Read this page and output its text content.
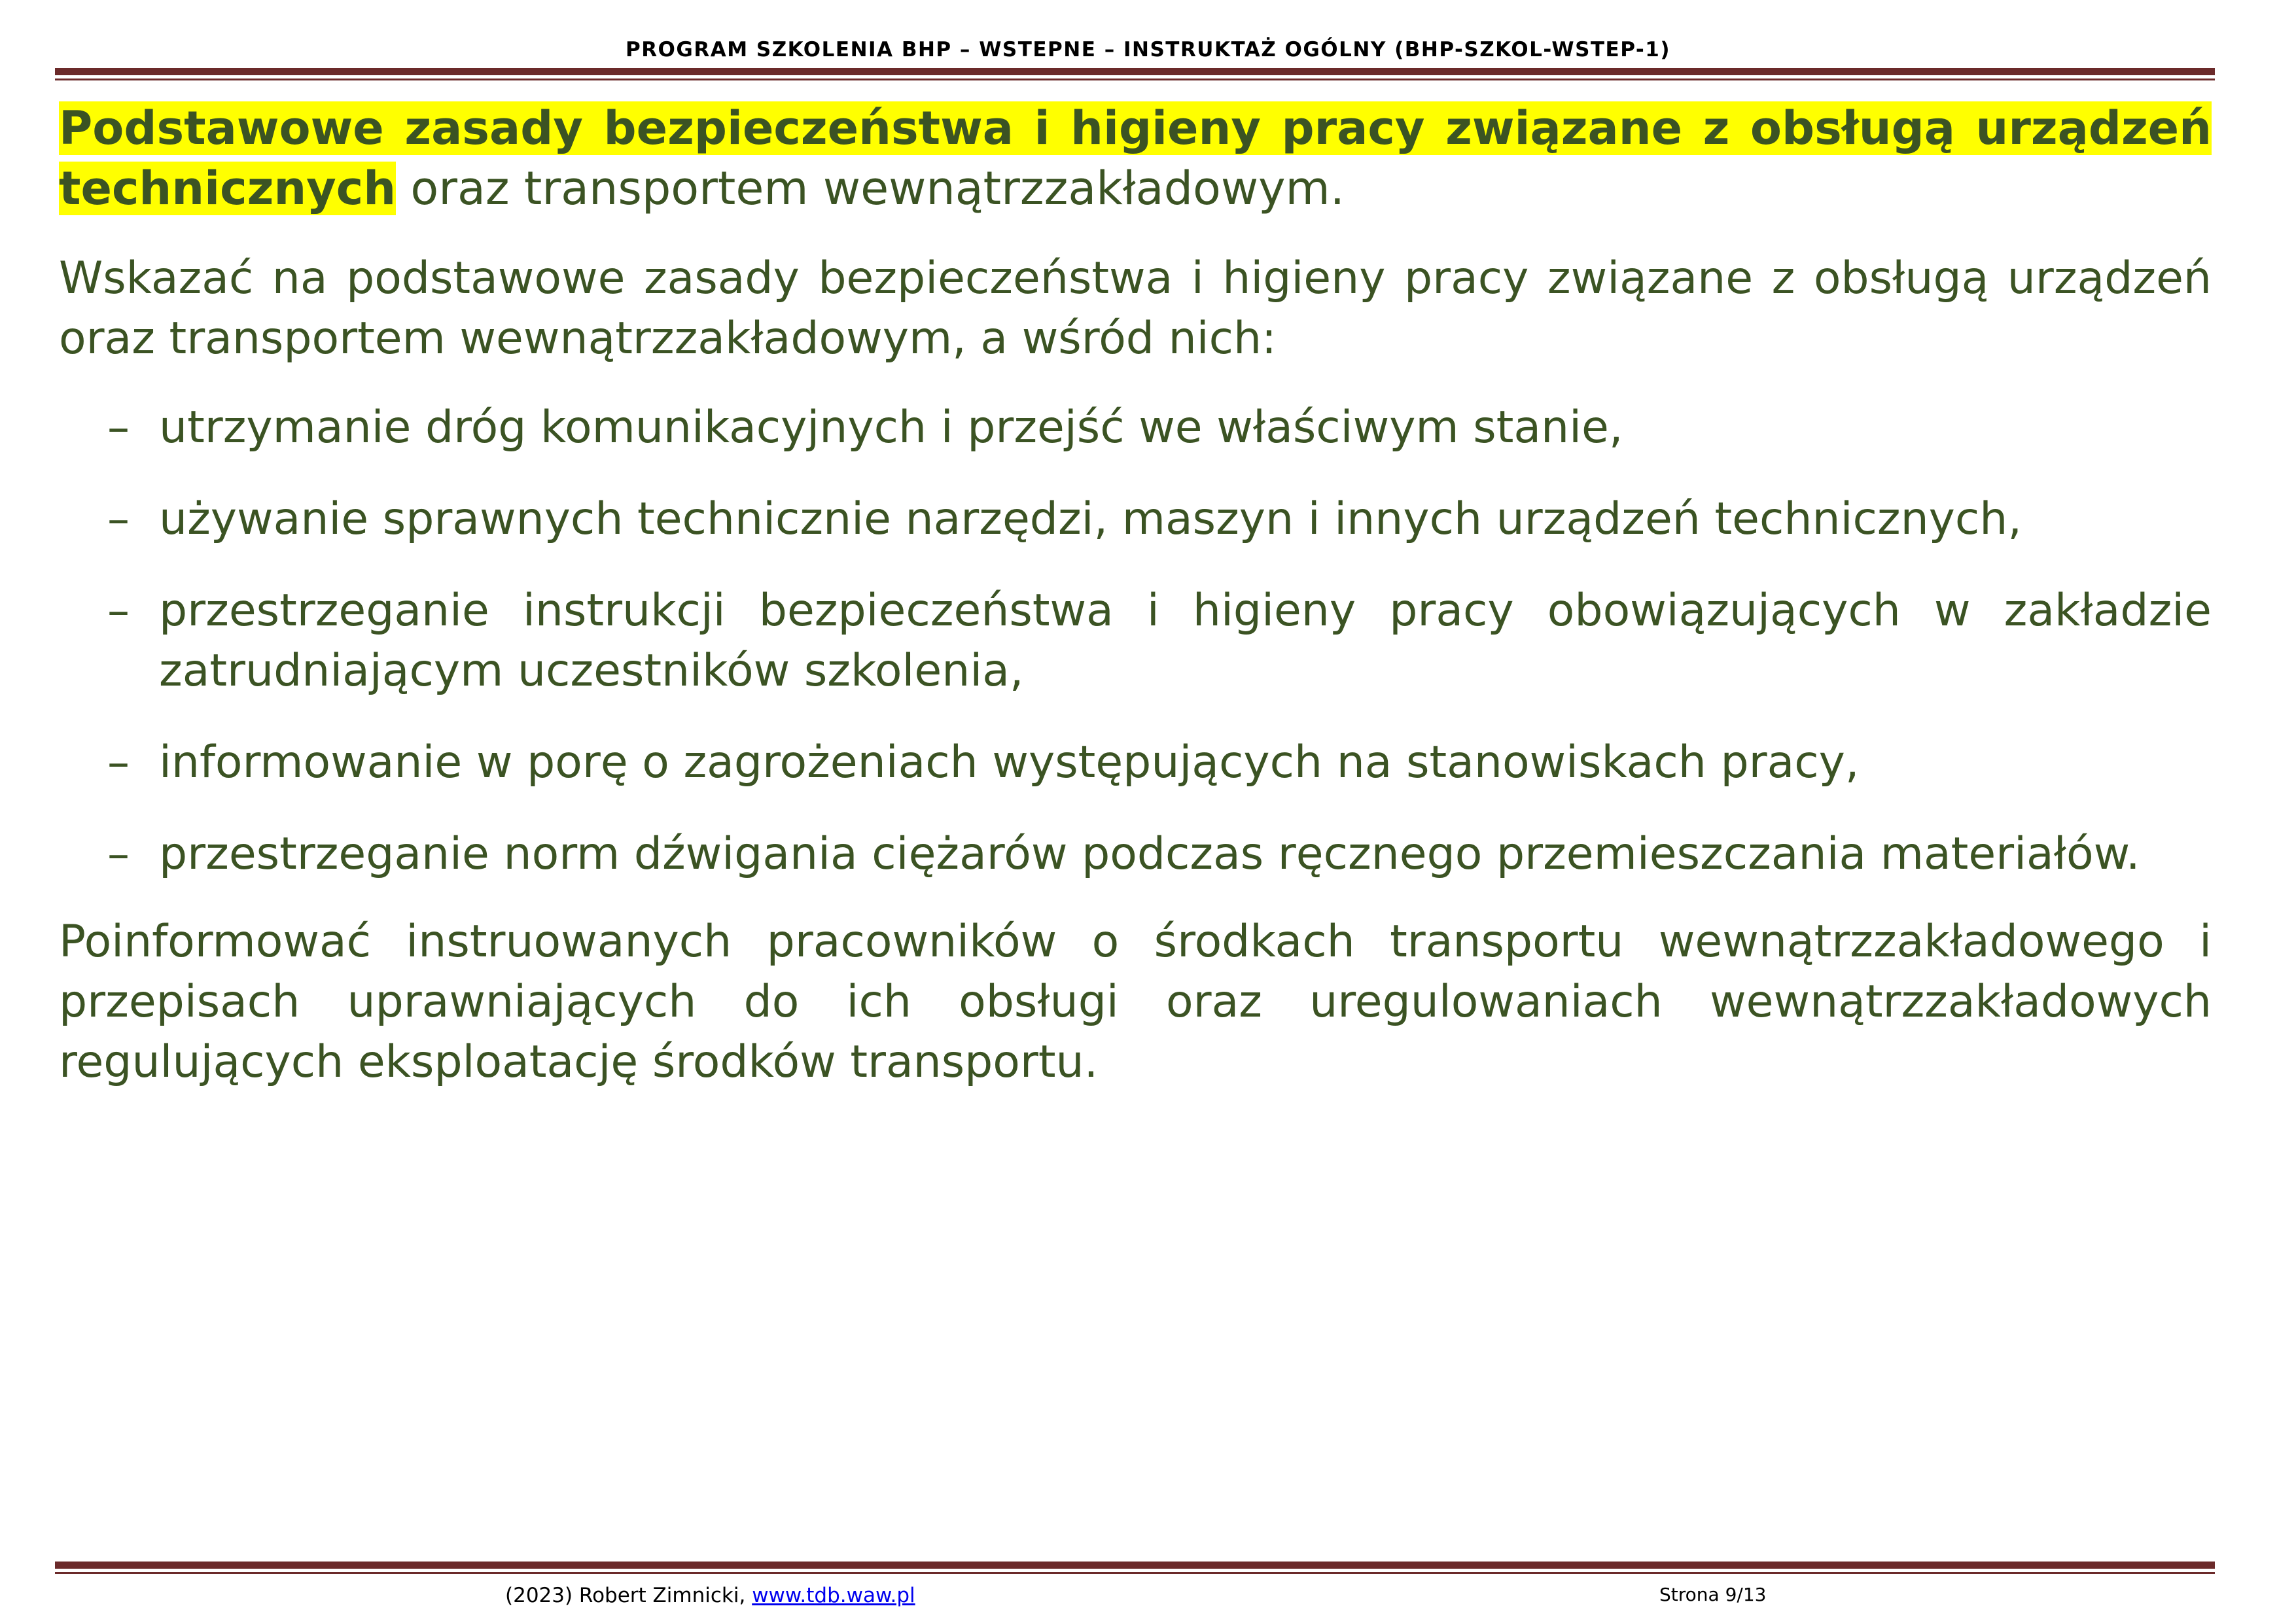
PROGRAM SZKOLENIA BHP – WSTEPNE – INSTRUKTAŻ OGÓLNY (BHP-SZKOL-WSTEP-1)

Podstawowe zasady bezpieczeństwa i higieny pracy związane z obsługą urządzeń technicznych oraz transportem wewnątrzzakładowym.

Wskazać na podstawowe zasady bezpieczeństwa i higieny pracy związane z obsługą urządzeń oraz transportem wewnątrzzakładowym, a wśród nich:

– utrzymanie dróg komunikacyjnych i przejść we właściwym stanie,
– używanie sprawnych technicznie narzędzi, maszyn i innych urządzeń technicznych,
– przestrzeganie instrukcji bezpieczeństwa i higieny pracy obowiązujących w zakładzie zatrudniającym uczestników szkolenia,
– informowanie w porę o zagrożeniach występujących na stanowiskach pracy,
– przestrzeganie norm dźwigania ciężarów podczas ręcznego przemieszczania materiałów.

Poinformować instruowanych pracowników o środkach transportu wewnątrzzakładowego i przepisach uprawniających do ich obsługi oraz uregulowaniach wewnątrzzakładowych regulujących eksploatację środków transportu.

(2023) Robert Zimnicki, www.tdb.waw.pl	Strona 9/13
